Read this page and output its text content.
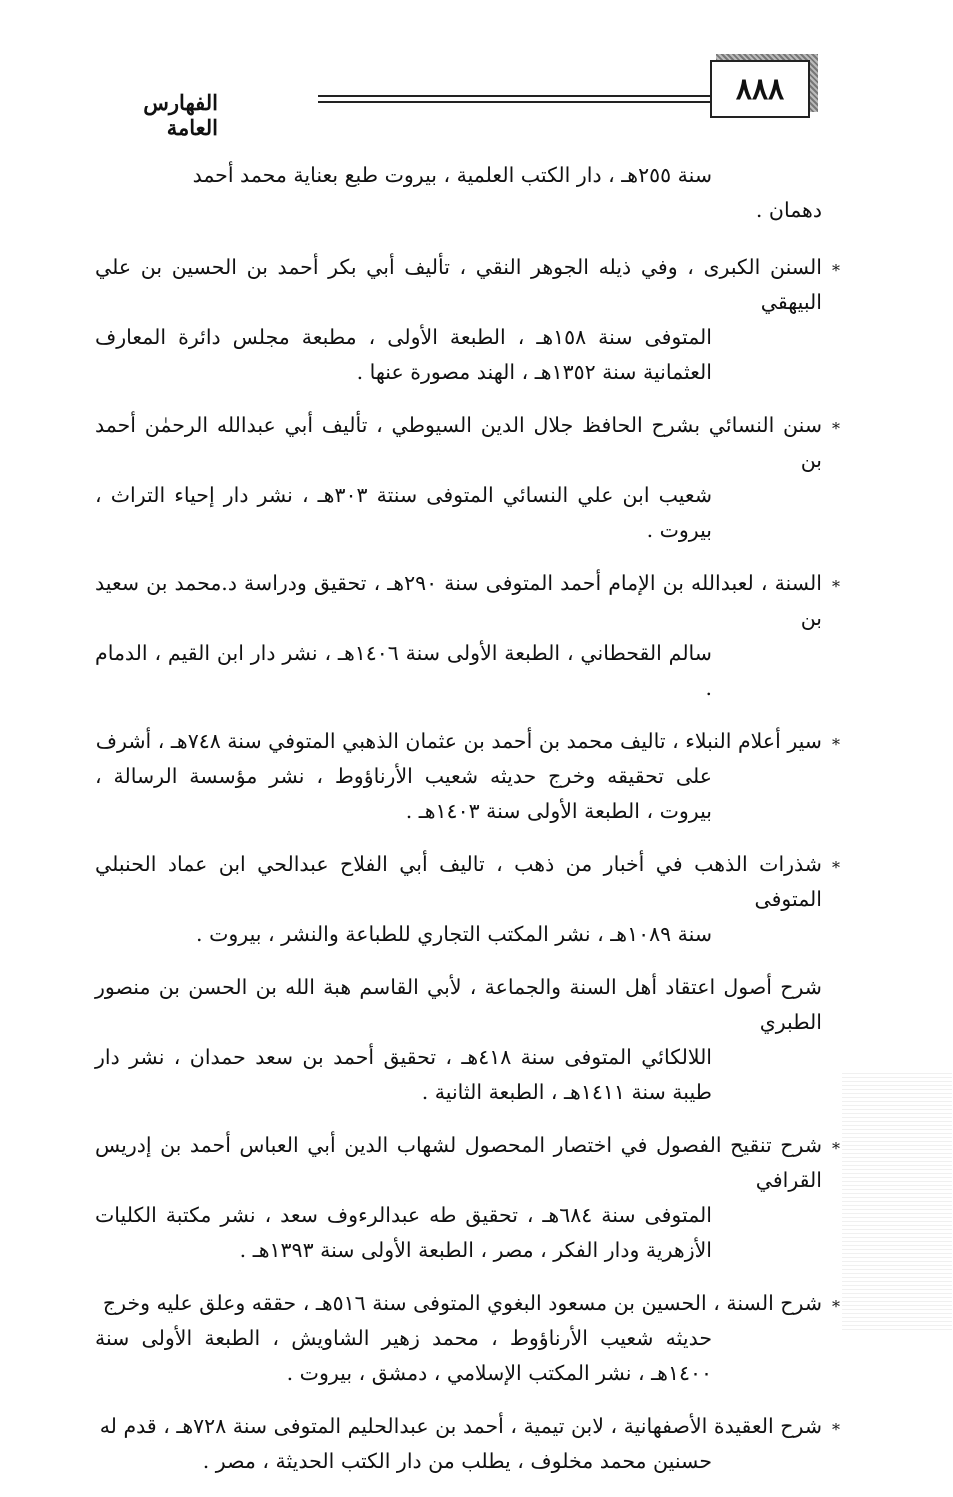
٨٨٨
الفهارس العامة
سنة ٢٥٥هـ ، دار الكتب العلمية ، بيروت طبع بعناية محمد أحمد
دهمان .
*
السنن الكبرى ، وفي ذيله الجوهر النقي ، تأليف أبي بكر أحمد بن الحسين بن علي البيهقي
المتوفى سنة ١٥٨هـ ، الطبعة الأولى ، مطبعة مجلس دائرة المعارف العثمانية سنة ١٣٥٢هـ ، الهند مصورة عنها .
*
سنن النسائي بشرح الحافظ جلال الدين السيوطي ، تأليف أبي عبدالله الرحمٰن أحمد بن
شعيب ابن علي النسائي المتوفى سنتة ٣٠٣هـ ، نشر دار إحياء التراث ، بيروت .
*
السنة ، لعبدالله بن الإمام أحمد المتوفى سنة ٢٩٠هـ ، تحقيق ودراسة د.محمد بن سعيد بن
سالم القحطاني ، الطبعة الأولى سنة ١٤٠٦هـ ، نشر دار ابن القيم ، الدمام .
*
سير أعلام النبلاء ، تاليف محمد بن أحمد بن عثمان الذهبي المتوفي سنة ٧٤٨هـ ، أشرف
على تحقيقه وخرج حديثه شعيب الأرناؤوط ، نشر مؤسسة الرسالة ، بيروت ، الطبعة الأولى سنة ١٤٠٣هـ .
*
شذرات الذهب في أخبار من ذهب ، تاليف أبي الفلاح عبدالحي ابن عماد الحنبلي المتوفى
سنة ١٠٨٩هـ ، نشر المكتب التجاري للطباعة والنشر ، بيروت .
شرح أصول اعتقاد أهل السنة والجماعة ، لأبي القاسم هبة الله بن الحسن بن منصور الطبري
اللالكائي المتوفى سنة ٤١٨هـ ، تحقيق أحمد بن سعد حمدان ، نشر دار طيبة سنة ١٤١١هـ ، الطبعة الثانية .
*
شرح تنقيح الفصول في اختصار المحصول لشهاب الدين أبي العباس أحمد بن إدريس القرافي
المتوفى سنة ٦٨٤هـ ، تحقيق طه عبدالرءوف سعد ، نشر مكتبة الكليات الأزهرية ودار الفكر ، مصر ، الطبعة الأولى سنة ١٣٩٣هـ .
*
شرح السنة ، الحسين بن مسعود البغوي المتوفى سنة ٥١٦هـ ، حققه وعلق عليه وخرج
حديثه شعيب الأرناؤوط ، محمد زهير الشاويش ، الطبعة الأولى سنة ١٤٠٠هـ ، نشر المكتب الإسلامي ، دمشق ، بيروت .
*
شرح العقيدة الأصفهانية ، لابن تيمية ، أحمد بن عبدالحليم المتوفى سنة ٧٢٨هـ ، قدم له
حسنين محمد مخلوف ، يطلب من دار الكتب الحديثة ، مصر .
